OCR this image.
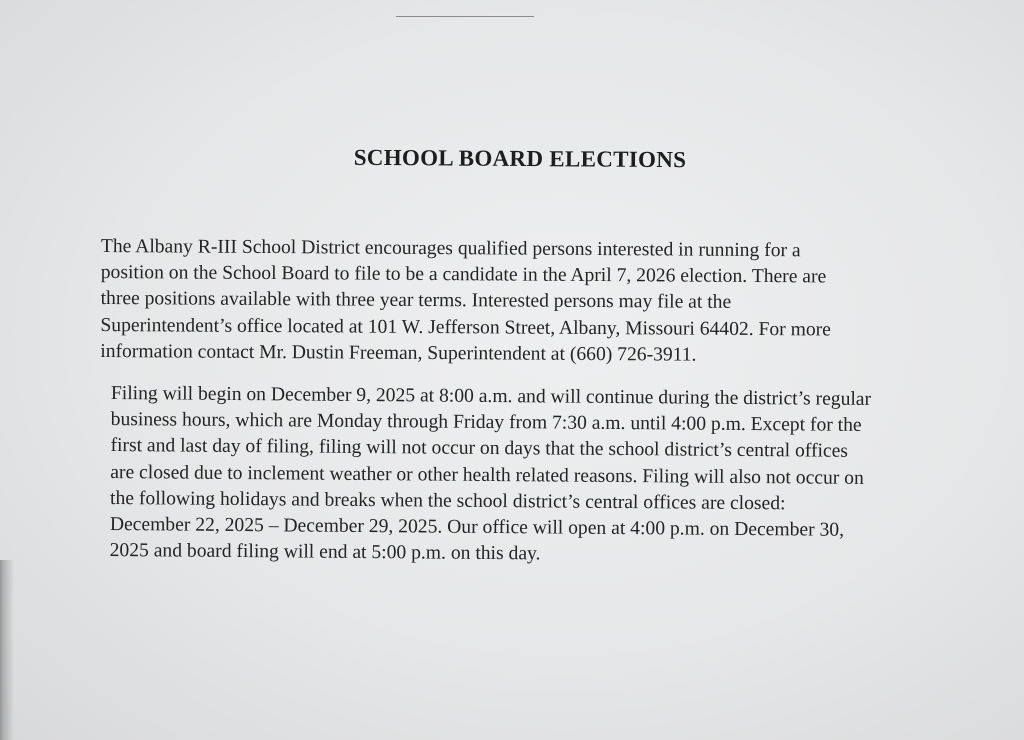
SCHOOL BOARD ELECTIONS
The Albany R-III School District encourages qualified persons interested in running for a
position on the School Board to file to be a candidate in the April 7, 2026 election. There are
three positions available with three year terms. Interested persons may file at the
Superintendent’s office located at 101 W. Jefferson Street, Albany, Missouri 64402. For more
information contact Mr. Dustin Freeman, Superintendent at (660) 726-3911.
Filing will begin on December 9, 2025 at 8:00 a.m. and will continue during the district’s regular
business hours, which are Monday through Friday from 7:30 a.m. until 4:00 p.m. Except for the
first and last day of filing, filing will not occur on days that the school district’s central offices
are closed due to inclement weather or other health related reasons. Filing will also not occur on
the following holidays and breaks when the school district’s central offices are closed:
December 22, 2025 – December 29, 2025. Our office will open at 4:00 p.m. on December 30,
2025 and board filing will end at 5:00 p.m. on this day.
